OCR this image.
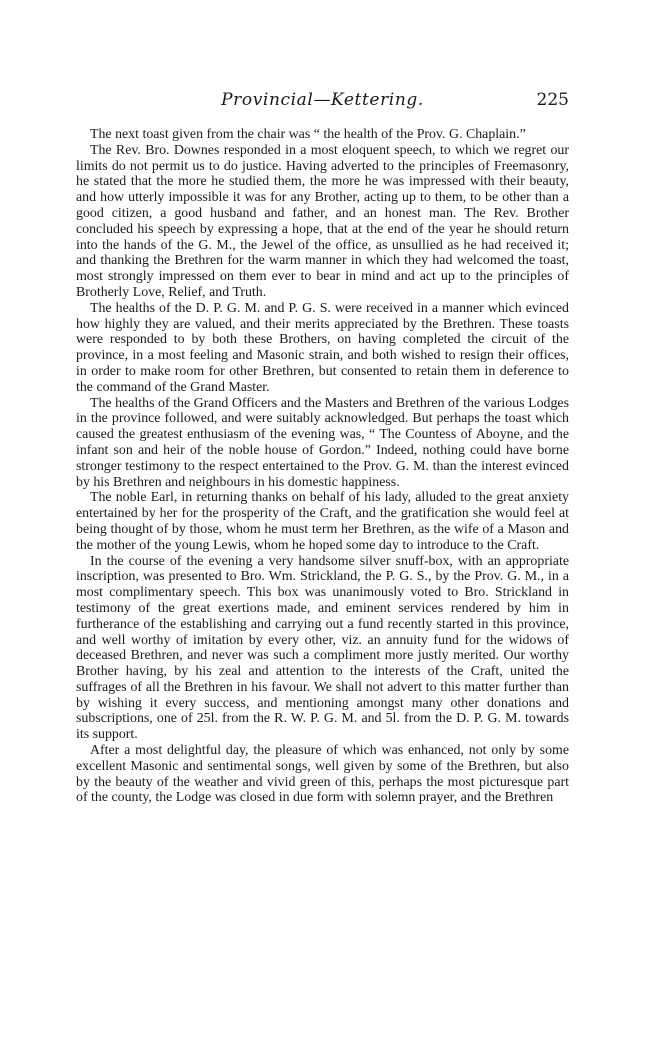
Provincial—Kettering.	225

The next toast given from the chair was “ the health of the Prov. G. Chaplain.”

The Rev. Bro. Downes responded in a most eloquent speech, to which we regret our limits do not permit us to do justice. Having adverted to the principles of Freemasonry, he stated that the more he studied them, the more he was impressed with their beauty, and how utterly impossible it was for any Brother, acting up to them, to be other than a good citizen, a good husband and father, and an honest man. The Rev. Brother concluded his speech by expressing a hope, that at the end of the year he should return into the hands of the G. M., the Jewel of the office, as unsullied as he had received it; and thanking the Brethren for the warm manner in which they had welcomed the toast, most strongly impressed on them ever to bear in mind and act up to the principles of Brotherly Love, Relief, and Truth.

The healths of the D. P. G. M. and P. G. S. were received in a manner which evinced how highly they are valued, and their merits appreciated by the Brethren. These toasts were responded to by both these Brothers, on having completed the circuit of the province, in a most feeling and Masonic strain, and both wished to resign their offices, in order to make room for other Brethren, but consented to retain them in deference to the command of the Grand Master.

The healths of the Grand Officers and the Masters and Brethren of the various Lodges in the province followed, and were suitably acknowledged. But perhaps the toast which caused the greatest enthusiasm of the evening was, “ The Countess of Aboyne, and the infant son and heir of the noble house of Gordon.” Indeed, nothing could have borne stronger testimony to the respect entertained to the Prov. G. M. than the interest evinced by his Brethren and neighbours in his domestic happiness.

The noble Earl, in returning thanks on behalf of his lady, alluded to the great anxiety entertained by her for the prosperity of the Craft, and the gratification she would feel at being thought of by those, whom he must term her Brethren, as the wife of a Mason and the mother of the young Lewis, whom he hoped some day to introduce to the Craft.

In the course of the evening a very handsome silver snuff-box, with an appropriate inscription, was presented to Bro. Wm. Strickland, the P. G. S., by the Prov. G. M., in a most complimentary speech. This box was unanimously voted to Bro. Strickland in testimony of the great exertions made, and eminent services rendered by him in furtherance of the establishing and carrying out a fund recently started in this province, and well worthy of imitation by every other, viz. an annuity fund for the widows of deceased Brethren, and never was such a compliment more justly merited. Our worthy Brother having, by his zeal and attention to the interests of the Craft, united the suffrages of all the Brethren in his favour. We shall not advert to this matter further than by wishing it every success, and mentioning amongst many other donations and subscriptions, one of 25l. from the R. W. P. G. M. and 5l. from the D. P. G. M. towards its support.

After a most delightful day, the pleasure of which was enhanced, not only by some excellent Masonic and sentimental songs, well given by some of the Brethren, but also by the beauty of the weather and vivid green of this, perhaps the most picturesque part of the county, the Lodge was closed in due form with solemn prayer, and the Brethren
